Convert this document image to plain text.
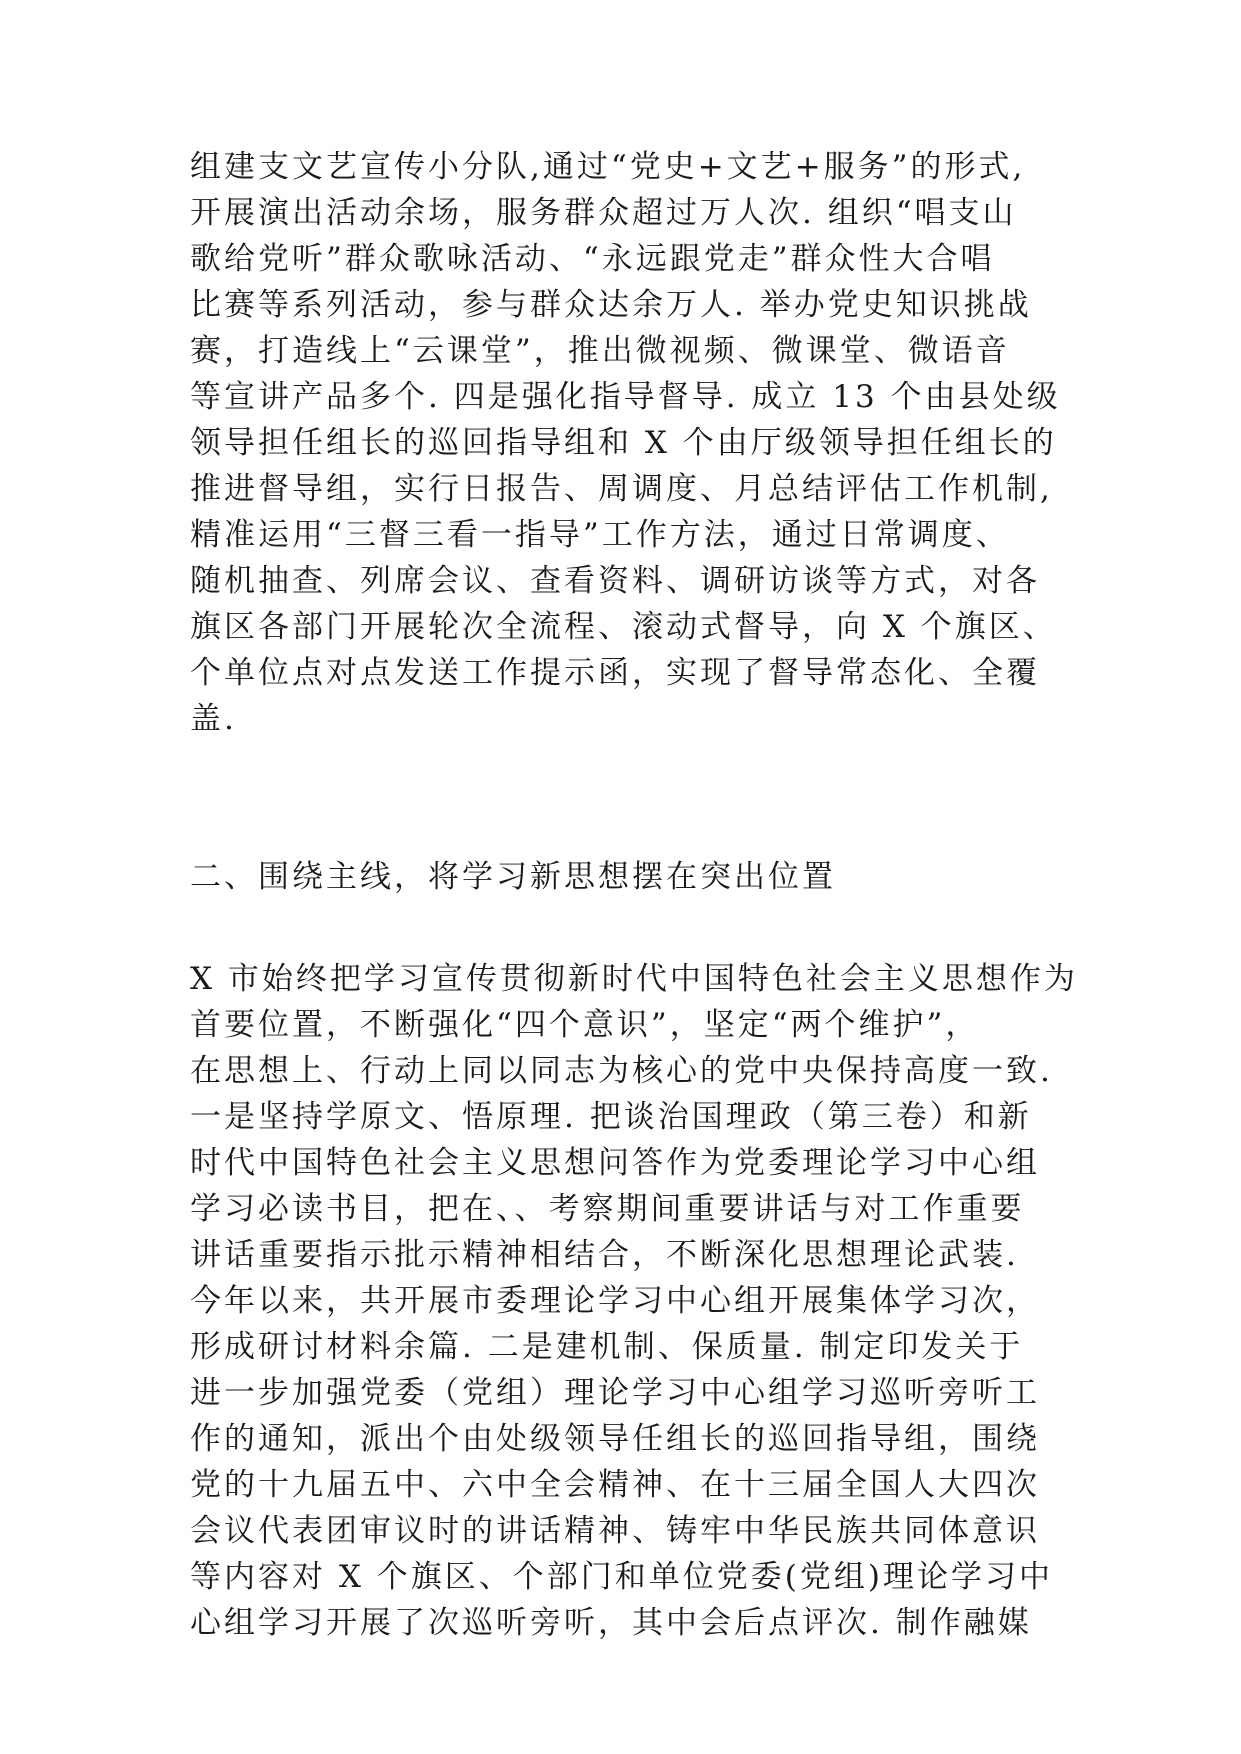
组建支文艺宣传小分队,通过“党史+文艺+服务”的形式,
开展演出活动余场，服务群众超过万人次. 组织“唱支山
歌给党听”群众歌咏活动、“永远跟党走”群众性大合唱
比赛等系列活动，参与群众达余万人. 举办党史知识挑战
赛，打造线上“云课堂”，推出微视频、微课堂、微语音
等宣讲产品多个. 四是强化指导督导. 成立 13 个由县处级
领导担任组长的巡回指导组和 X 个由厅级领导担任组长的
推进督导组，实行日报告、周调度、月总结评估工作机制,
精准运用“三督三看一指导”工作方法，通过日常调度、
随机抽查、列席会议、查看资料、调研访谈等方式，对各
旗区各部门开展轮次全流程、滚动式督导，向 X 个旗区、
个单位点对点发送工作提示函，实现了督导常态化、全覆
盖.
二、围绕主线，将学习新思想摆在突出位置
X 市始终把学习宣传贯彻新时代中国特色社会主义思想作为
首要位置，不断强化“四个意识”，坚定“两个维护”，
在思想上、行动上同以同志为核心的党中央保持高度一致.
一是坚持学原文、悟原理. 把谈治国理政（第三卷）和新
时代中国特色社会主义思想问答作为党委理论学习中心组
学习必读书目，把在、、考察期间重要讲话与对工作重要
讲话重要指示批示精神相结合，不断深化思想理论武装.
今年以来，共开展市委理论学习中心组开展集体学习次，
形成研讨材料余篇. 二是建机制、保质量. 制定印发关于
进一步加强党委（党组）理论学习中心组学习巡听旁听工
作的通知，派出个由处级领导任组长的巡回指导组，围绕
党的十九届五中、六中全会精神、在十三届全国人大四次
会议代表团审议时的讲话精神、铸牢中华民族共同体意识
等内容对 X 个旗区、个部门和单位党委(党组)理论学习中
心组学习开展了次巡听旁听，其中会后点评次. 制作融媒
